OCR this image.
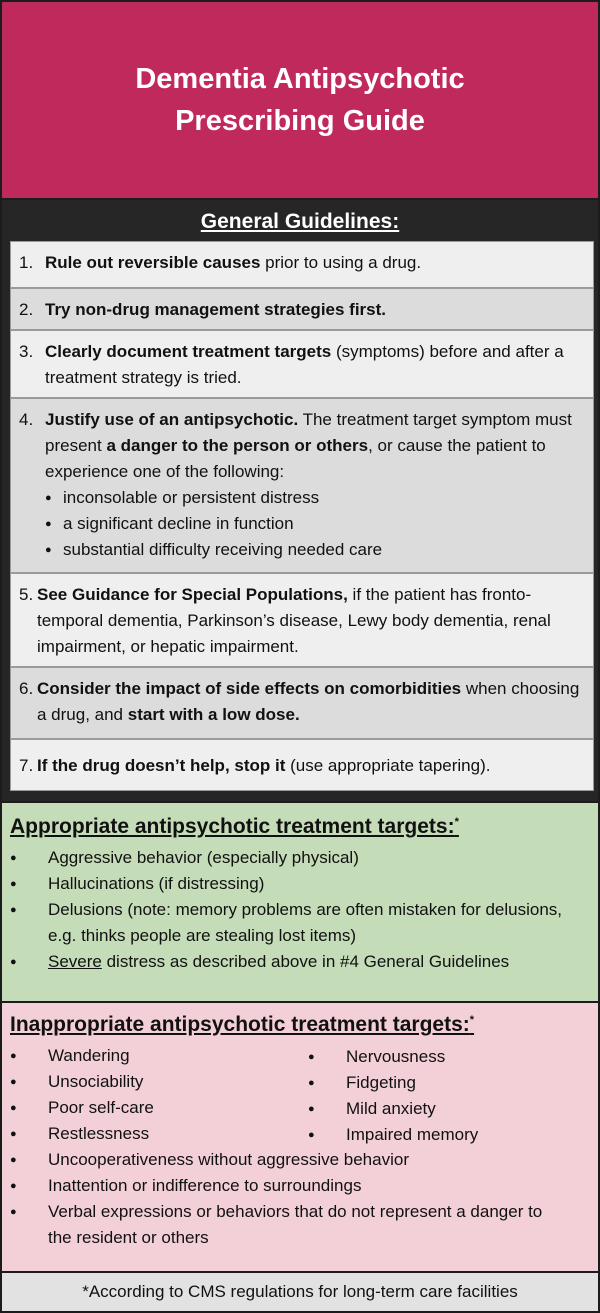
Dementia Antipsychotic Prescribing Guide
General Guidelines:
1. Rule out reversible causes prior to using a drug.
2. Try non-drug management strategies first.
3. Clearly document treatment targets (symptoms) before and after a treatment strategy is tried.
4. Justify use of an antipsychotic. The treatment target symptom must present a danger to the person or others, or cause the patient to experience one of the following:
● inconsolable or persistent distress
● a significant decline in function
● substantial difficulty receiving needed care
5. See Guidance for Special Populations, if the patient has fronto-temporal dementia, Parkinson’s disease, Lewy body dementia, renal impairment, or hepatic impairment.
6. Consider the impact of side effects on comorbidities when choosing a drug, and start with a low dose.
7. If the drug doesn’t help, stop it (use appropriate tapering).
Appropriate antipsychotic treatment targets:*
● Aggressive behavior (especially physical)
● Hallucinations (if distressing)
● Delusions (note: memory problems are often mistaken for delusions, e.g. thinks people are stealing lost items)
● Severe distress as described above in #4 General Guidelines
Inappropriate antipsychotic treatment targets:*
● Wandering
● Unsociability
● Poor self-care
● Restlessness
● Nervousness
● Fidgeting
● Mild anxiety
● Impaired memory
● Uncooperativeness without aggressive behavior
● Inattention or indifference to surroundings
● Verbal expressions or behaviors that do not represent a danger to the resident or others
*According to CMS regulations for long-term care facilities
